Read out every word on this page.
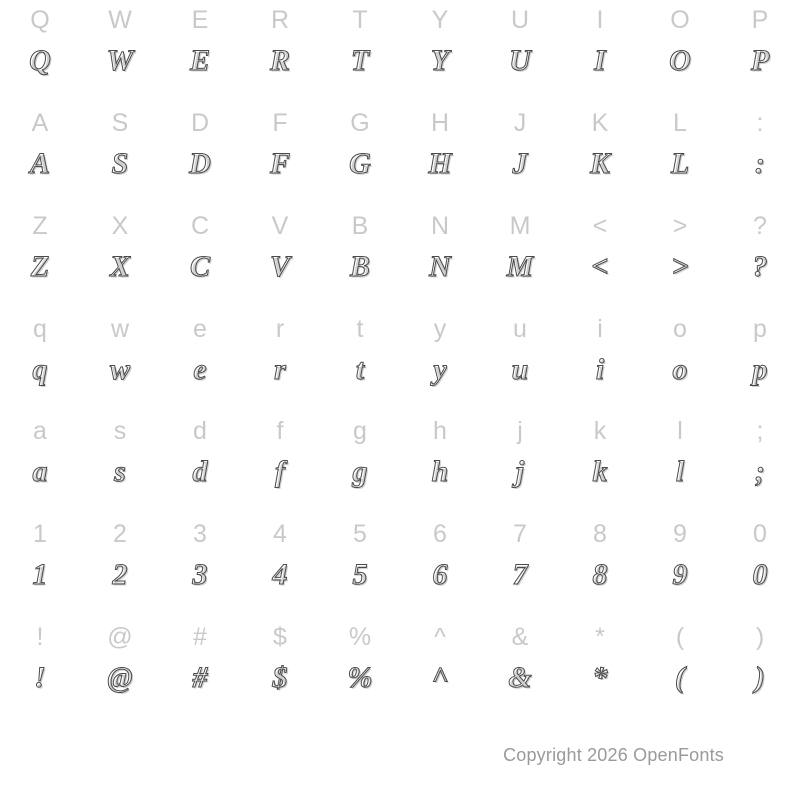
Q
Q
W
W
E
E
R
R
T
T
Y
Y
U
U
I
I
O
O
P
P
A
A
S
S
D
D
F
F
G
G
H
H
J
J
K
K
L
L
:
:
Z
Z
X
X
C
C
V
V
B
B
N
N
M
M
<
<
>
>
?
?
q
q
w
w
e
e
r
r
t
t
y
y
u
u
i
i
o
o
p
p
a
a
s
s
d
d
f
f
g
g
h
h
j
j
k
k
l
l
;
;
1
1
2
2
3
3
4
4
5
5
6
6
7
7
8
8
9
9
0
0
!
!
@
@
#
#
$
$
%
%
^
^
&
&
*
*
(
(
)
)
Copyright 2026 OpenFonts
